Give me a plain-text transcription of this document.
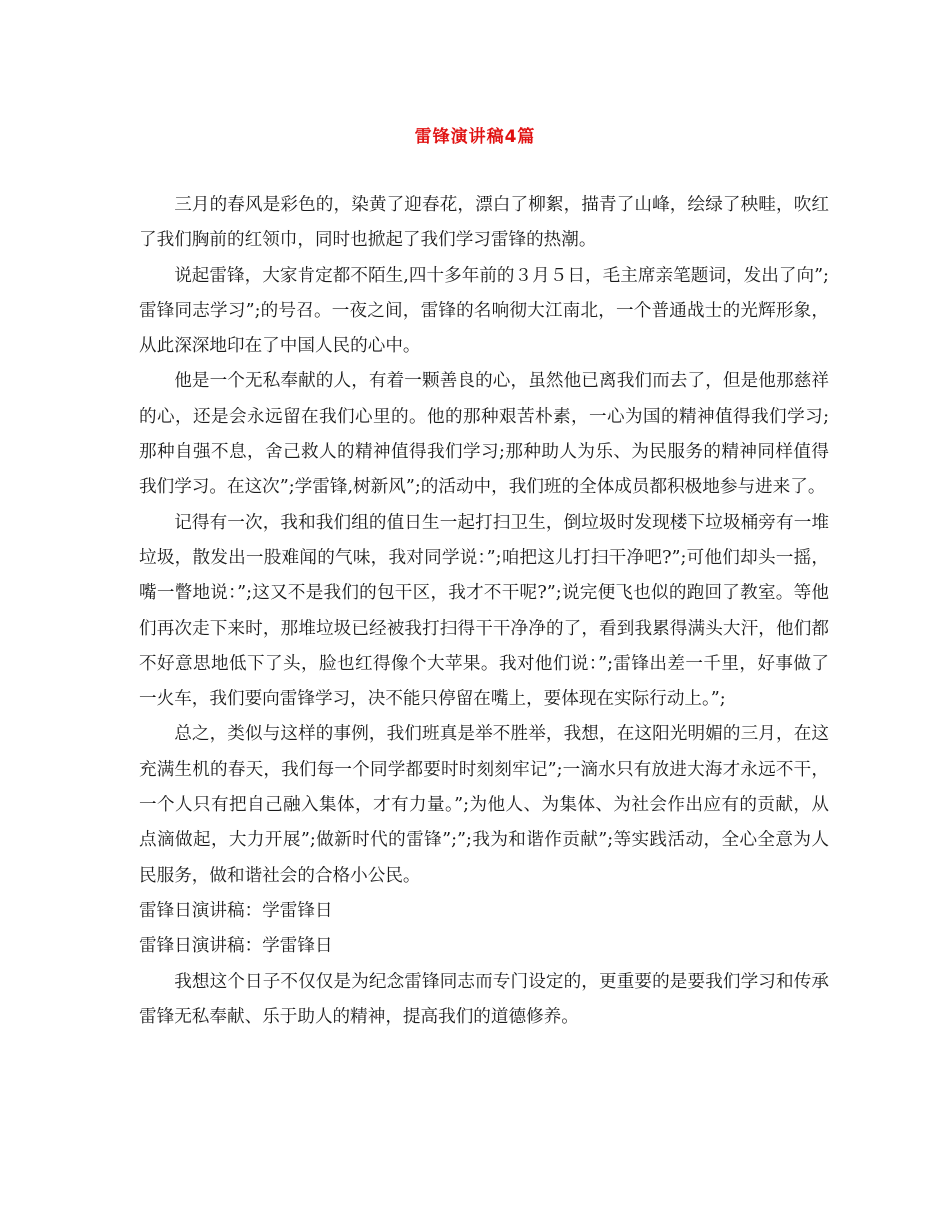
雷锋演讲稿4篇

三月的春风是彩色的，染黄了迎春花，漂白了柳絮，描青了山峰，绘绿了秧畦，吹红了我们胸前的红领巾，同时也掀起了我们学习雷锋的热潮。

说起雷锋，大家肯定都不陌生,四十多年前的３月５日，毛主席亲笔题词，发出了向”;雷锋同志学习”;的号召。一夜之间，雷锋的名响彻大江南北，一个普通战士的光辉形象，从此深深地印在了中国人民的心中。

他是一个无私奉献的人，有着一颗善良的心，虽然他已离我们而去了，但是他那慈祥的心，还是会永远留在我们心里的。他的那种艰苦朴素，一心为国的精神值得我们学习;那种自强不息，舍己救人的精神值得我们学习;那种助人为乐、为民服务的精神同样值得我们学习。在这次”;学雷锋,树新风”;的活动中，我们班的全体成员都积极地参与进来了。

记得有一次，我和我们组的值日生一起打扫卫生，倒垃圾时发现楼下垃圾桶旁有一堆垃圾，散发出一股难闻的气味，我对同学说：”;咱把这儿打扫干净吧?”;可他们却头一摇，嘴一瞥地说：”;这又不是我们的包干区，我才不干呢?”;说完便飞也似的跑回了教室。等他们再次走下来时，那堆垃圾已经被我打扫得干干净净的了，看到我累得满头大汗，他们都不好意思地低下了头，脸也红得像个大苹果。我对他们说：”;雷锋出差一千里，好事做了一火车，我们要向雷锋学习，决不能只停留在嘴上，要体现在实际行动上。”;

总之，类似与这样的事例，我们班真是举不胜举，我想，在这阳光明媚的三月，在这充满生机的春天，我们每一个同学都要时时刻刻牢记”;一滴水只有放进大海才永远不干，一个人只有把自己融入集体，才有力量。”;为他人、为集体、为社会作出应有的贡献，从点滴做起，大力开展”;做新时代的雷锋”;”;我为和谐作贡献”;等实践活动，全心全意为人民服务，做和谐社会的合格小公民。

雷锋日演讲稿：学雷锋日

雷锋日演讲稿：学雷锋日

我想这个日子不仅仅是为纪念雷锋同志而专门设定的，更重要的是要我们学习和传承雷锋无私奉献、乐于助人的精神，提高我们的道德修养。
